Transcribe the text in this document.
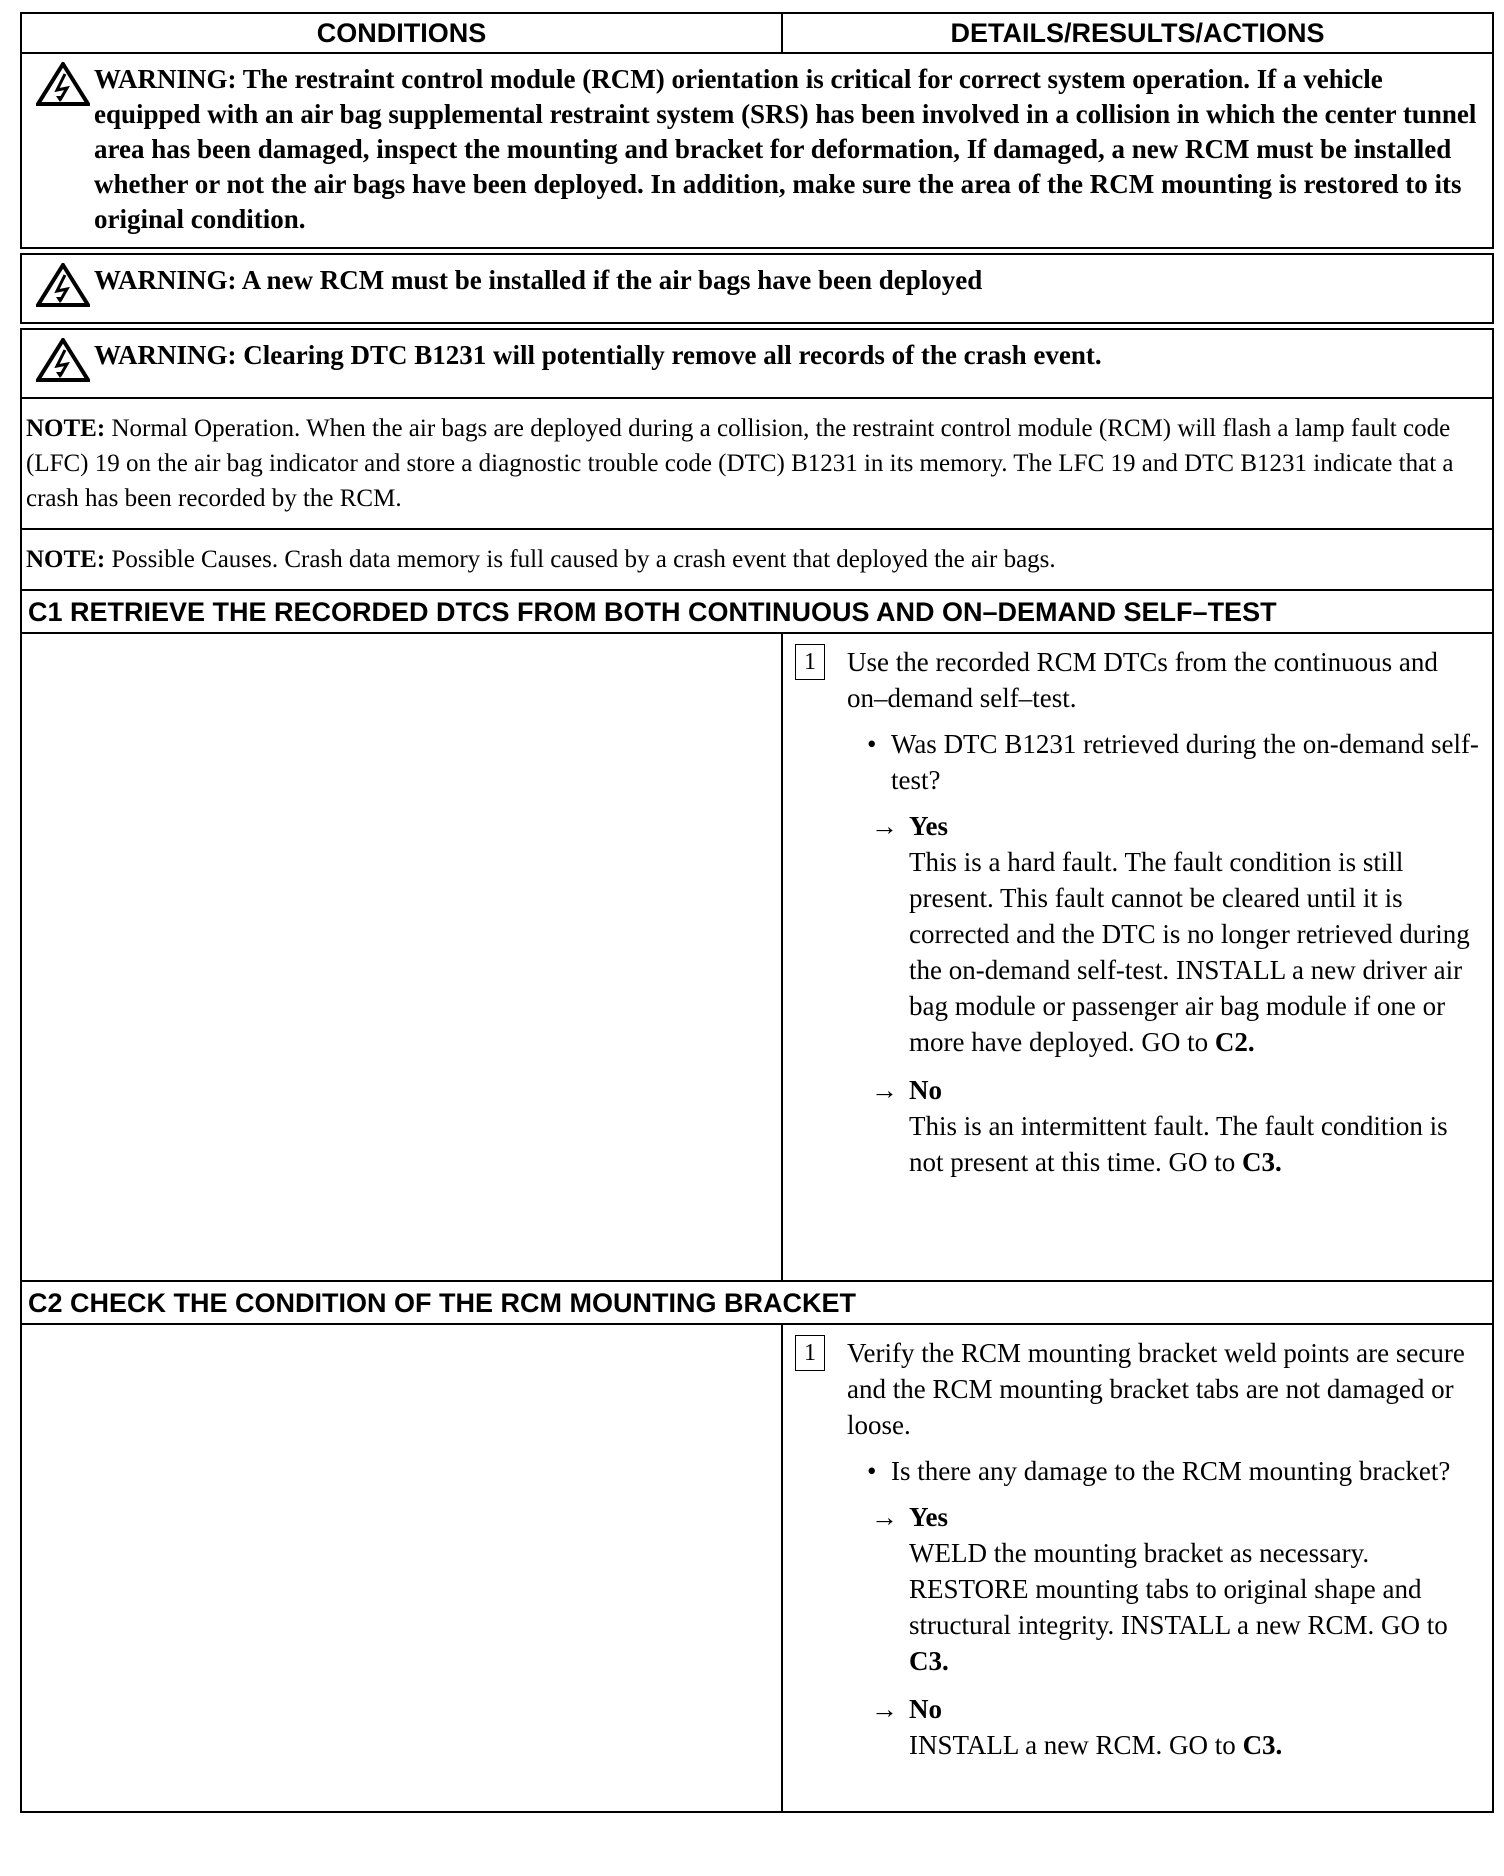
CONDITIONS	DETAILS/RESULTS/ACTIONS
WARNING: The restraint control module (RCM) orientation is critical for correct system operation. If a vehicle equipped with an air bag supplemental restraint system (SRS) has been involved in a collision in which the center tunnel area has been damaged, inspect the mounting and bracket for deformation, If damaged, a new RCM must be installed whether or not the air bags have been deployed. In addition, make sure the area of the RCM mounting is restored to its original condition.
WARNING: A new RCM must be installed if the air bags have been deployed
WARNING: Clearing DTC B1231 will potentially remove all records of the crash event.
NOTE: Normal Operation. When the air bags are deployed during a collision, the restraint control module (RCM) will flash a lamp fault code (LFC) 19 on the air bag indicator and store a diagnostic trouble code (DTC) B1231 in its memory. The LFC 19 and DTC B1231 indicate that a crash has been recorded by the RCM.
NOTE: Possible Causes. Crash data memory is full caused by a crash event that deployed the air bags.
C1 RETRIEVE THE RECORDED DTCS FROM BOTH CONTINUOUS AND ON–DEMAND SELF–TEST
1	Use the recorded RCM DTCs from the continuous and on–demand self–test.
• Was DTC B1231 retrieved during the on-demand self-test?
→ Yes
This is a hard fault. The fault condition is still present. This fault cannot be cleared until it is corrected and the DTC is no longer retrieved during the on-demand self-test. INSTALL a new driver air bag module or passenger air bag module if one or more have deployed. GO to C2.
→ No
This is an intermittent fault. The fault condition is not present at this time. GO to C3.
C2 CHECK THE CONDITION OF THE RCM MOUNTING BRACKET
1	Verify the RCM mounting bracket weld points are secure and the RCM mounting bracket tabs are not damaged or loose.
• Is there any damage to the RCM mounting bracket?
→ Yes
WELD the mounting bracket as necessary. RESTORE mounting tabs to original shape and structural integrity. INSTALL a new RCM. GO to C3.
→ No
INSTALL a new RCM. GO to C3.
